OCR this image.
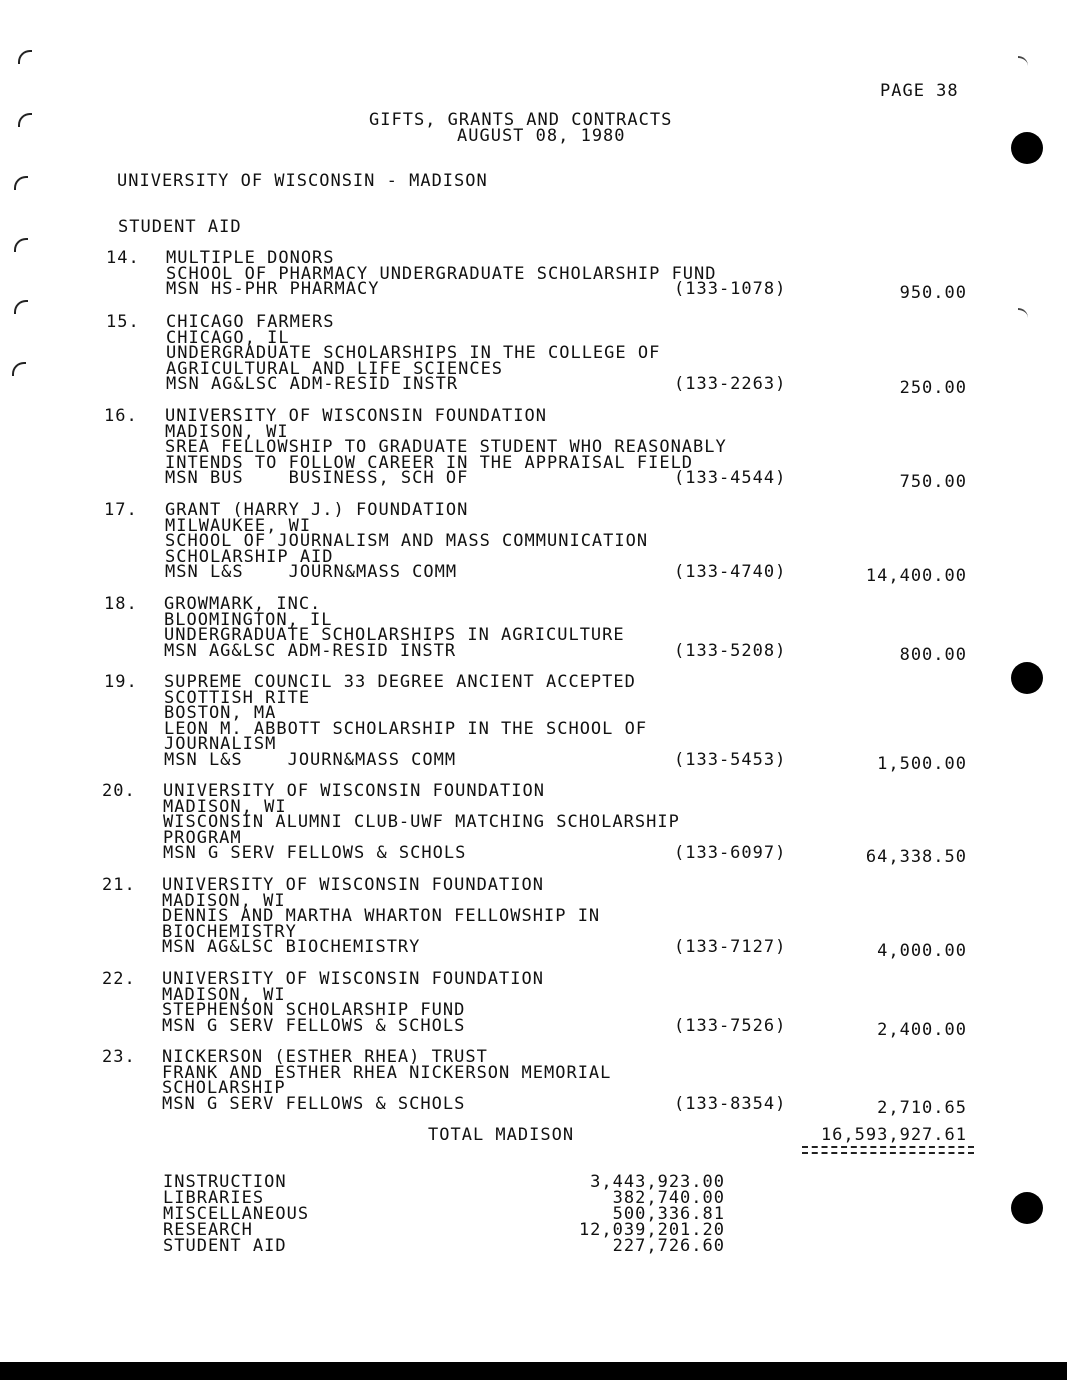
PAGE 38
GIFTS, GRANTS AND CONTRACTS
AUGUST 08, 1980
UNIVERSITY OF WISCONSIN - MADISON
STUDENT AID
14. MULTIPLE DONORS
SCHOOL OF PHARMACY UNDERGRADUATE SCHOLARSHIP FUND
MSN HS-PHR PHARMACY	(133-1078)	950.00
15. CHICAGO FARMERS
CHICAGO, IL
UNDERGRADUATE SCHOLARSHIPS IN THE COLLEGE OF
AGRICULTURAL AND LIFE SCIENCES
MSN AG&LSC ADM-RESID INSTR	(133-2263)	250.00
16. UNIVERSITY OF WISCONSIN FOUNDATION
MADISON, WI
SREA FELLOWSHIP TO GRADUATE STUDENT WHO REASONABLY
INTENDS TO FOLLOW CAREER IN THE APPRAISAL FIELD
MSN BUS    BUSINESS, SCH OF	(133-4544)	750.00
17. GRANT (HARRY J.) FOUNDATION
MILWAUKEE, WI
SCHOOL OF JOURNALISM AND MASS COMMUNICATION
SCHOLARSHIP AID
MSN L&S    JOURN&MASS COMM	(133-4740)	14,400.00
18. GROWMARK, INC.
BLOOMINGTON, IL
UNDERGRADUATE SCHOLARSHIPS IN AGRICULTURE
MSN AG&LSC ADM-RESID INSTR	(133-5208)	800.00
19. SUPREME COUNCIL 33 DEGREE ANCIENT ACCEPTED
SCOTTISH RITE
BOSTON, MA
LEON M. ABBOTT SCHOLARSHIP IN THE SCHOOL OF
JOURNALISM
MSN L&S    JOURN&MASS COMM	(133-5453)	1,500.00
20. UNIVERSITY OF WISCONSIN FOUNDATION
MADISON, WI
WISCONSIN ALUMNI CLUB-UWF MATCHING SCHOLARSHIP
PROGRAM
MSN G SERV FELLOWS & SCHOLS	(133-6097)	64,338.50
21. UNIVERSITY OF WISCONSIN FOUNDATION
MADISON, WI
DENNIS AND MARTHA WHARTON FELLOWSHIP IN
BIOCHEMISTRY
MSN AG&LSC BIOCHEMISTRY	(133-7127)	4,000.00
22. UNIVERSITY OF WISCONSIN FOUNDATION
MADISON, WI
STEPHENSON SCHOLARSHIP FUND
MSN G SERV FELLOWS & SCHOLS	(133-7526)	2,400.00
23. NICKERSON (ESTHER RHEA) TRUST
FRANK AND ESTHER RHEA NICKERSON MEMORIAL
SCHOLARSHIP
MSN G SERV FELLOWS & SCHOLS	(133-8354)	2,710.65
TOTAL MADISON	16,593,927.61
INSTRUCTION	3,443,923.00
LIBRARIES	382,740.00
MISCELLANEOUS	500,336.81
RESEARCH	12,039,201.20
STUDENT AID	227,726.60
